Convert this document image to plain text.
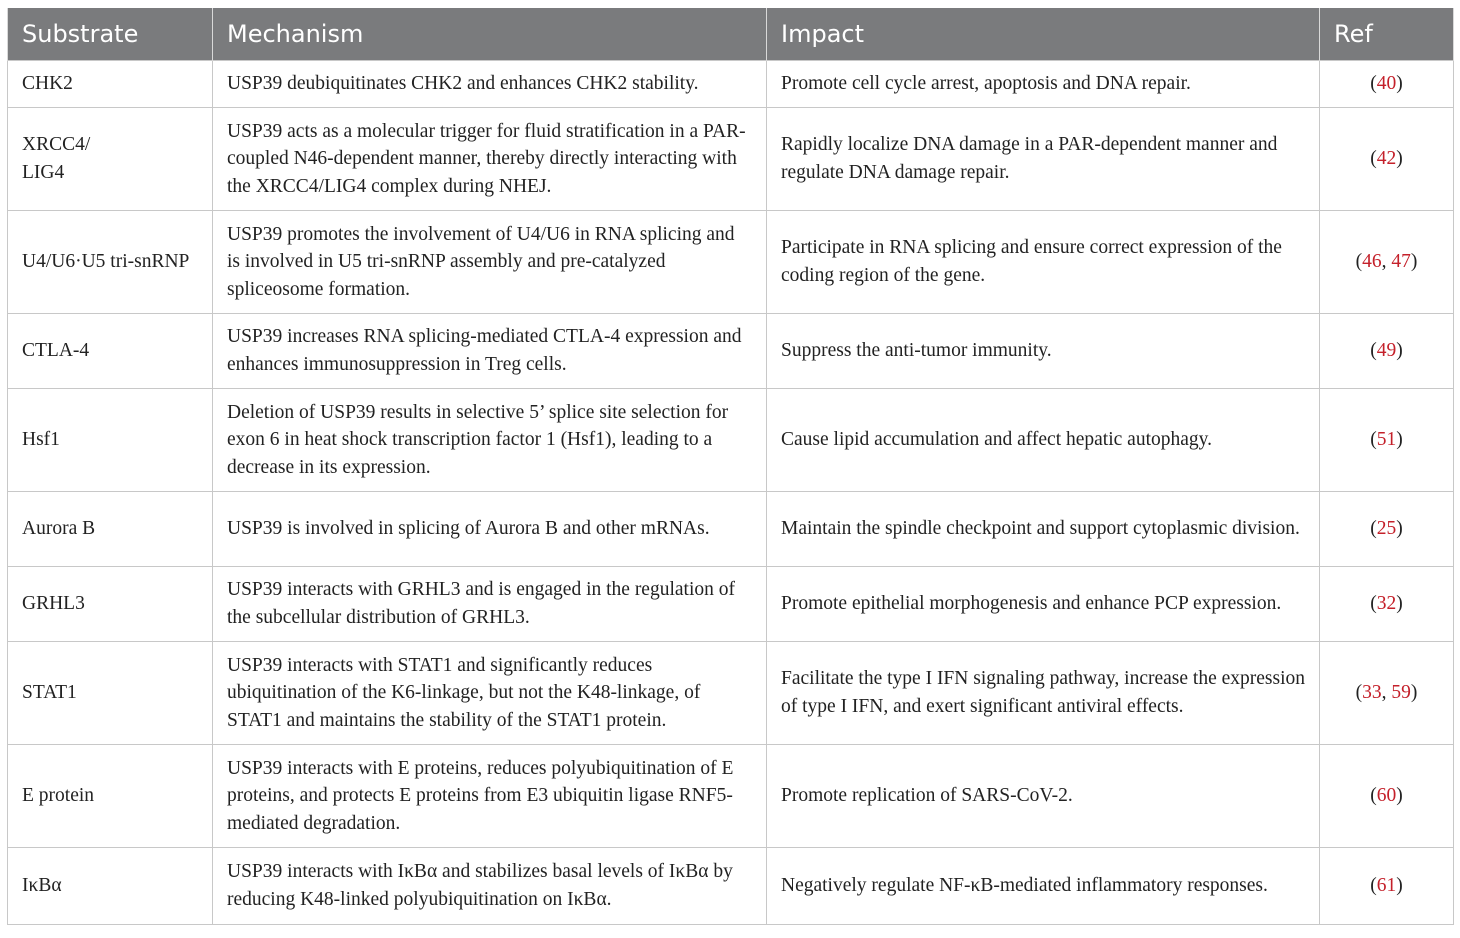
Substrate	Mechanism	Impact	Ref

CHK2	USP39 deubiquitinates CHK2 and enhances CHK2 stability.	Promote cell cycle arrest, apoptosis and DNA repair.	(40)

XRCC4/
LIG4	USP39 acts as a molecular trigger for fluid stratification in a PAR-coupled N46-dependent manner, thereby directly interacting with the XRCC4/LIG4 complex during NHEJ.	Rapidly localize DNA damage in a PAR-dependent manner and regulate DNA damage repair.	(42)

U4/U6·U5 tri-snRNP	USP39 promotes the involvement of U4/U6 in RNA splicing and is involved in U5 tri-snRNP assembly and pre-catalyzed spliceosome formation.	Participate in RNA splicing and ensure correct expression of the coding region of the gene.	(46, 47)

CTLA-4	USP39 increases RNA splicing-mediated CTLA-4 expression and enhances immunosuppression in Treg cells.	Suppress the anti-tumor immunity.	(49)

Hsf1	Deletion of USP39 results in selective 5’ splice site selection for exon 6 in heat shock transcription factor 1 (Hsf1), leading to a decrease in its expression.	Cause lipid accumulation and affect hepatic autophagy.	(51)

Aurora B	USP39 is involved in splicing of Aurora B and other mRNAs.	Maintain the spindle checkpoint and support cytoplasmic division.	(25)

GRHL3	USP39 interacts with GRHL3 and is engaged in the regulation of the subcellular distribution of GRHL3.	Promote epithelial morphogenesis and enhance PCP expression.	(32)

STAT1	USP39 interacts with STAT1 and significantly reduces ubiquitination of the K6-linkage, but not the K48-linkage, of STAT1 and maintains the stability of the STAT1 protein.	Facilitate the type I IFN signaling pathway, increase the expression of type I IFN, and exert significant antiviral effects.	(33, 59)

E protein	USP39 interacts with E proteins, reduces polyubiquitination of E proteins, and protects E proteins from E3 ubiquitin ligase RNF5-mediated degradation.	Promote replication of SARS-CoV-2.	(60)

IκBα	USP39 interacts with IκBα and stabilizes basal levels of IκBα by reducing K48-linked polyubiquitination on IκBα.	Negatively regulate NF-κB-mediated inflammatory responses.	(61)
